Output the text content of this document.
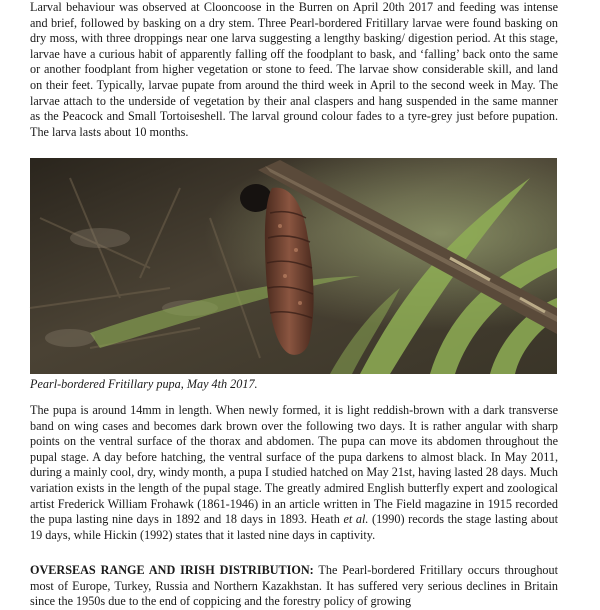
Larval behaviour was observed at Clooncoose in the Burren on April 20th 2017 and feeding was intense and brief, followed by basking on a dry stem. Three Pearl-bordered Fritillary larvae were found basking on dry moss, with three droppings near one larva suggesting a lengthy basking/ digestion period. At this stage, larvae have a curious habit of apparently falling off the foodplant to bask, and ‘falling’ back onto the same or another foodplant from higher vegetation or stone to feed. The larvae show considerable skill, and land on their feet. Typically, larvae pupate from around the third week in April to the second week in May. The larvae attach to the underside of vegetation by their anal claspers and hang suspended in the same manner as the Peacock and Small Tortoiseshell. The larval ground colour fades to a tyre-grey just before pupation. The larva lasts about 10 months.

Pearl-bordered Fritillary pupa, May 4th 2017.

The pupa is around 14mm in length. When newly formed, it is light reddish-brown with a dark transverse band on wing cases and becomes dark brown over the following two days. It is rather angular with sharp points on the ventral surface of the thorax and abdomen. The pupa can move its abdomen throughout the pupal stage. A day before hatching, the ventral surface of the pupa darkens to almost black. In May 2011, during a mainly cool, dry, windy month, a pupa I studied hatched on May 21st, having lasted 28 days. Much variation exists in the length of the pupal stage. The greatly admired English butterfly expert and zoological artist Frederick William Frohawk (1861-1946) in an article written in The Field magazine in 1915 recorded the pupa lasting nine days in 1892 and 18 days in 1893. Heath et al. (1990) records the stage lasting about 19 days, while Hickin (1992) states that it lasted nine days in captivity.

OVERSEAS RANGE AND IRISH DISTRIBUTION: The Pearl-bordered Fritillary occurs throughout most of Europe, Turkey, Russia and Northern Kazakhstan. It has suffered very serious declines in Britain since the 1950s due to the end of coppicing and the forestry policy of growing
